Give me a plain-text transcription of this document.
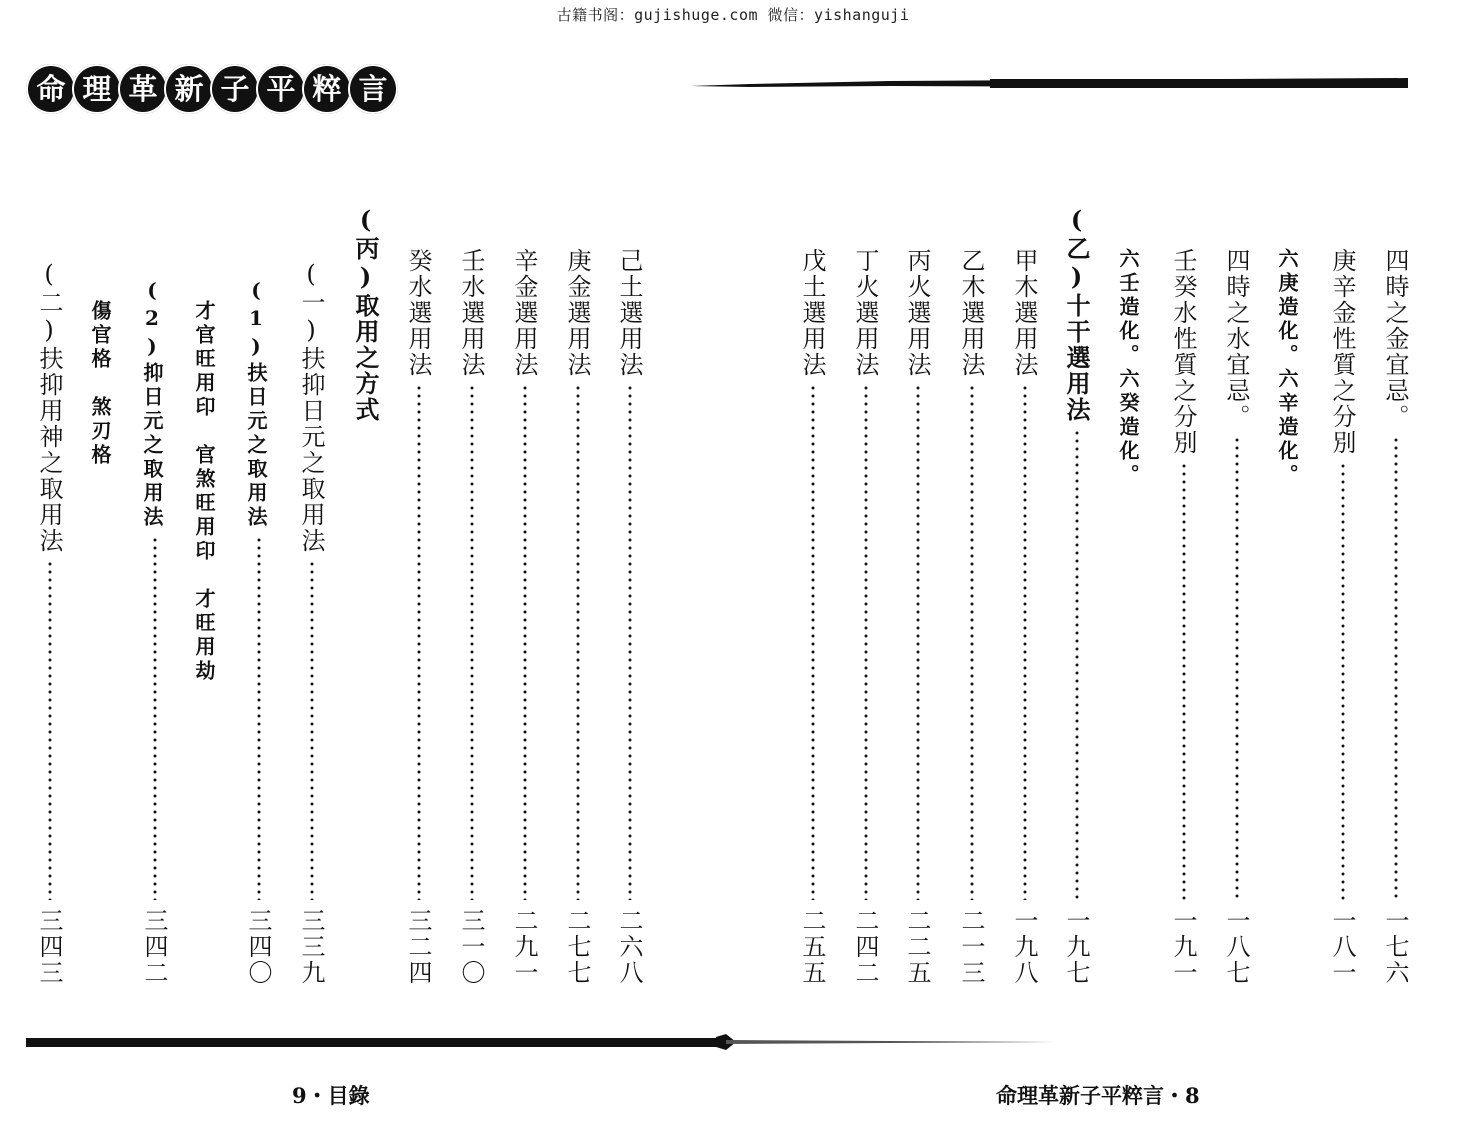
古籍书阁：gujishuge.com 微信：yishanguji
命 理 革 新 子 平 粹 言
四時之金宜忌。
一七六
庚辛金性質之分別
一八一
六庚造化。六辛造化。
四時之水宜忌。
一八七
壬癸水性質之分別
一九一
六壬造化。六癸造化。
(乙)十干選用法
一九七
甲木選用法
一九八
乙木選用法
二一三
丙火選用法
二二五
丁火選用法
二四二
戊土選用法
二五五
己土選用法
二六八
庚金選用法
二七七
辛金選用法
二九一
壬水選用法
三一〇
癸水選用法
三二四
(丙)取用之方式
(一)扶抑日元之取用法
三三九
(1)扶日元之取用法
三四〇
才官旺用印　官煞旺用印　才旺用劫
(2)抑日元之取用法
三四二
傷官格　煞刃格
(二)扶抑用神之取用法
三四三
9・目錄	命理革新子平粹言・8
